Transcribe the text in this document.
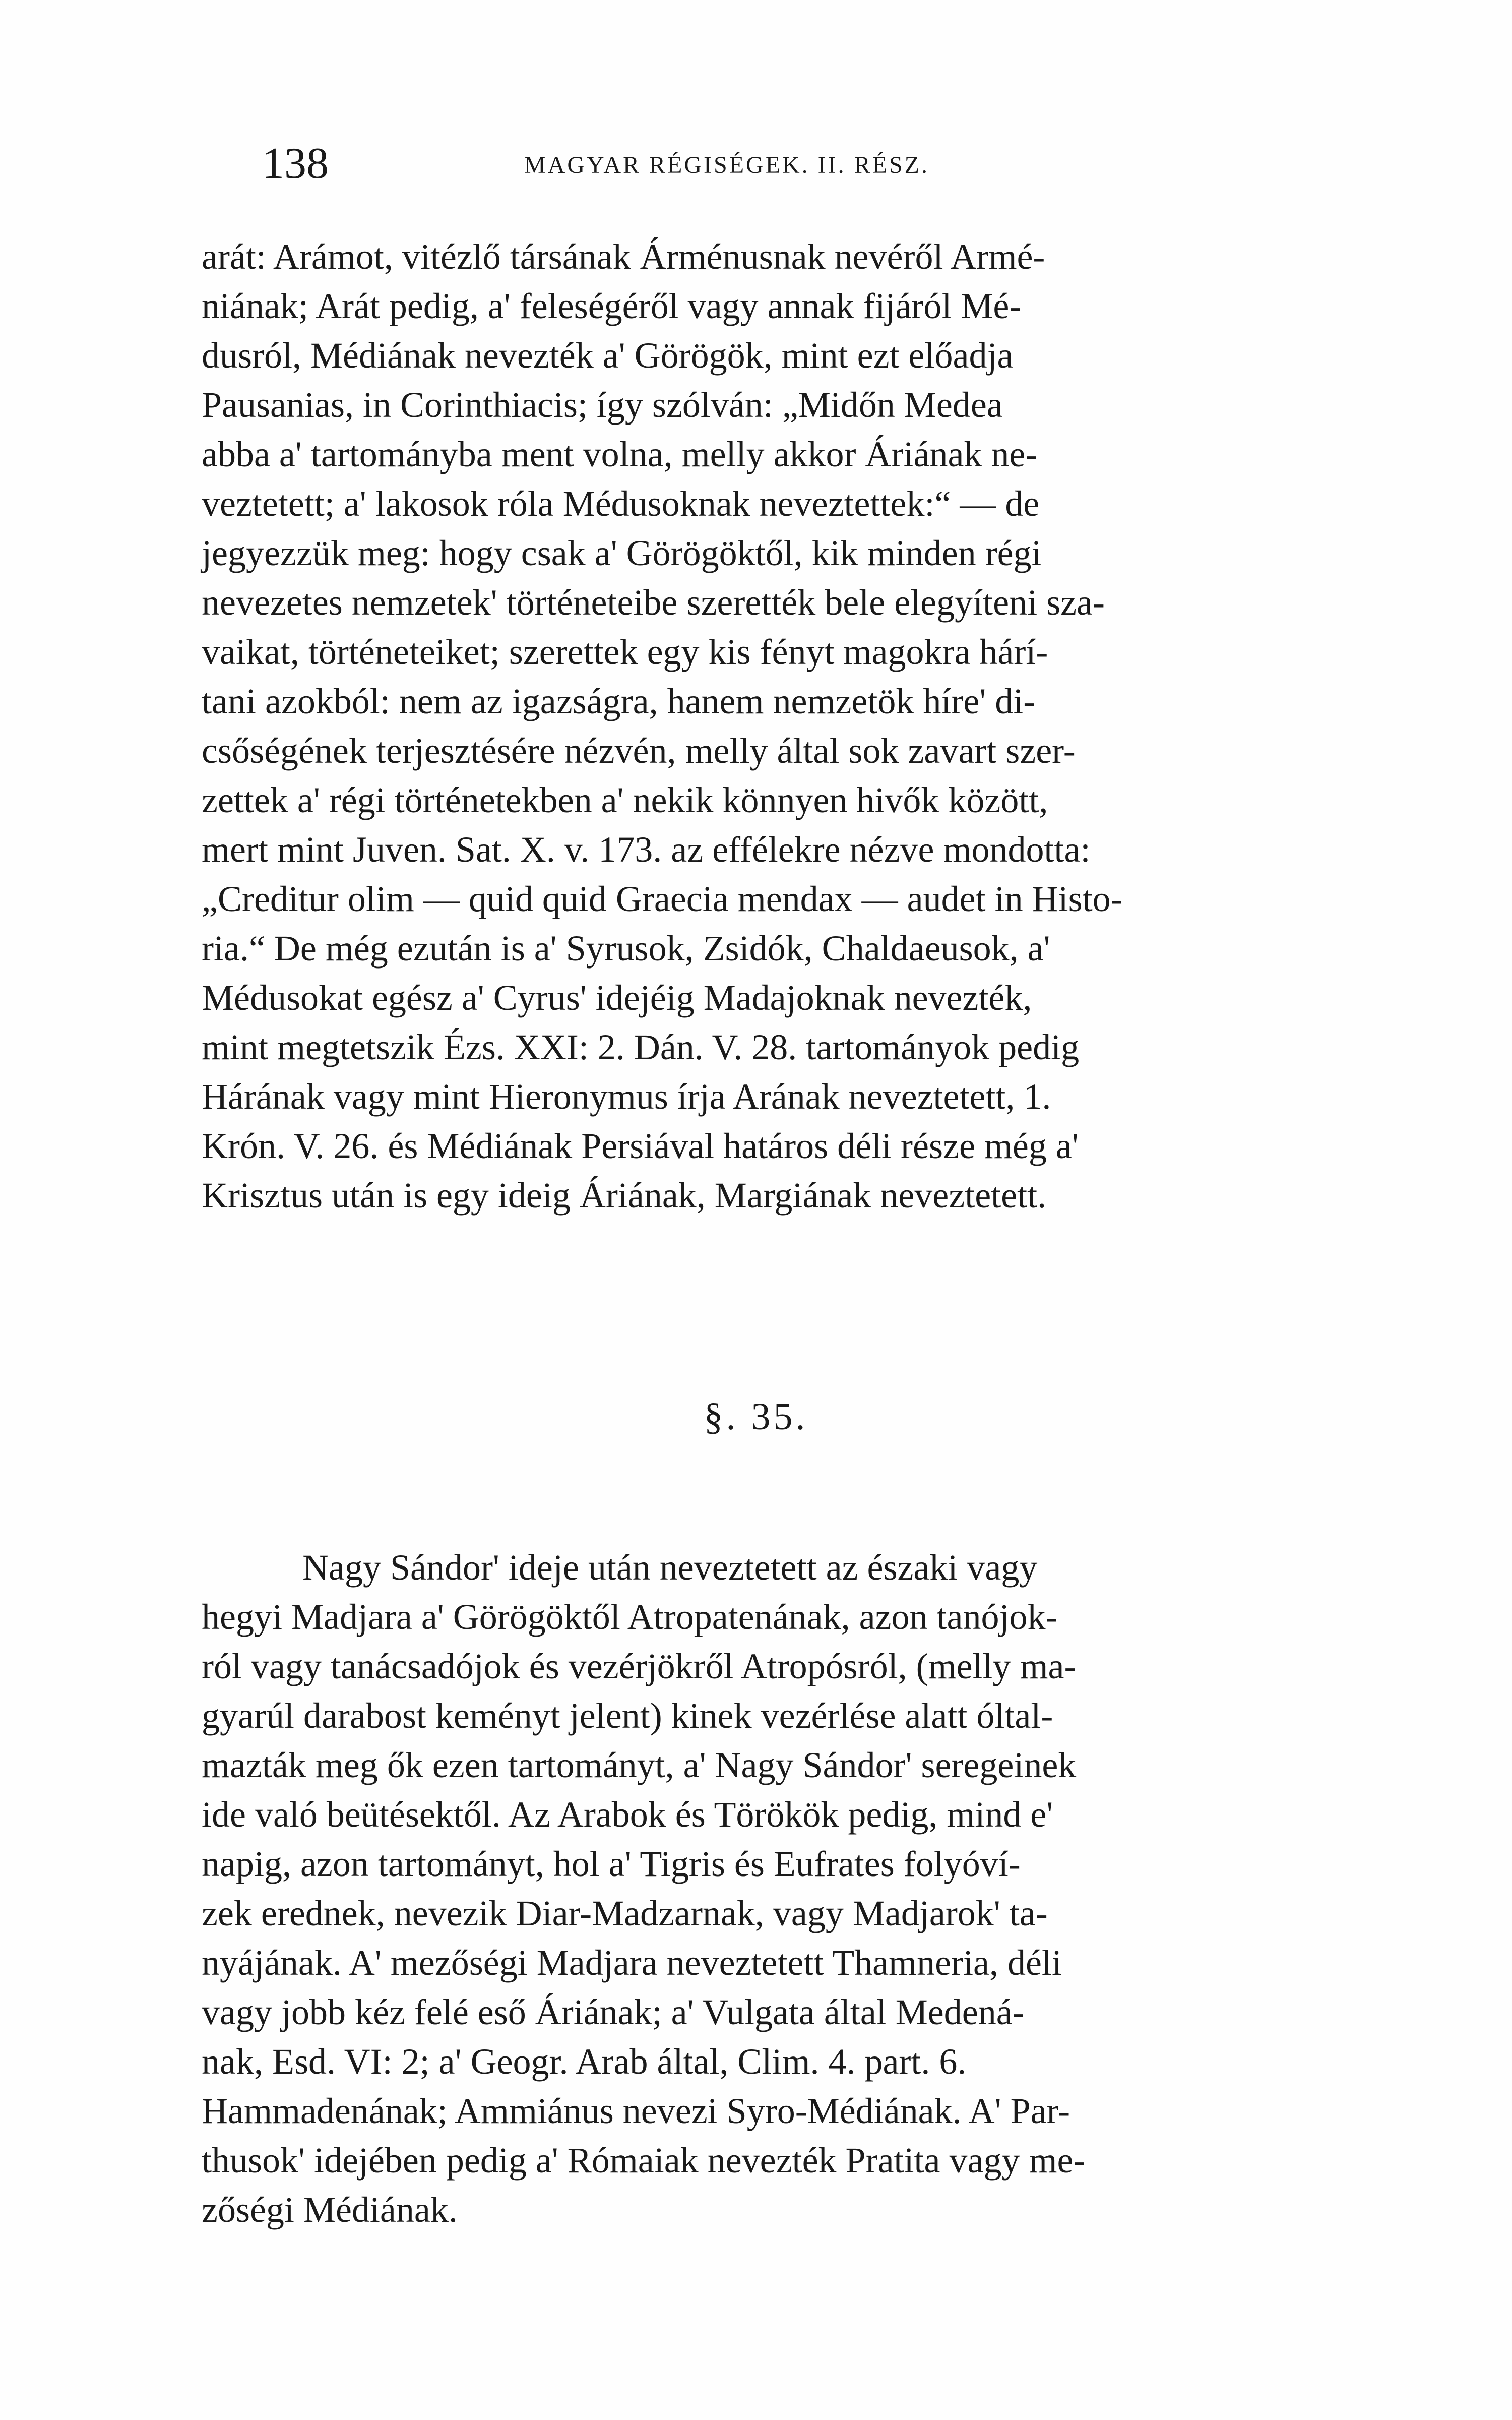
138	MAGYAR RÉGISÉGEK. II. RÉSZ.
arát: Arámot, vitézlő társának Árménusnak nevéről Armé-
niának; Arát pedig, a' feleségéről vagy annak fijáról Mé-
dusról, Médiának nevezték a' Görögök, mint ezt előadja
Pausanias, in Corinthiacis; így szólván: „Midőn Medea
abba a' tartományba ment volna, melly akkor Áriának ne-
veztetett; a' lakosok róla Médusoknak neveztettek:“ — de
jegyezzük meg: hogy csak a' Görögöktől, kik minden régi
nevezetes nemzetek' történeteibe szerették bele elegyíteni sza-
vaikat, történeteiket; szerettek egy kis fényt magokra hárí-
tani azokból: nem az igazságra, hanem nemzetök híre' di-
csőségének terjesztésére nézvén, melly által sok zavart szer-
zettek a' régi történetekben a' nekik könnyen hivők között,
mert mint Juven. Sat. X. v. 173. az effélekre nézve mondotta:
„Creditur olim — quid quid Graecia mendax — audet in Histo-
ria.“ De még ezután is a' Syrusok, Zsidók, Chaldaeusok, a'
Médusokat egész a' Cyrus' idejéig Madajoknak nevezték,
mint megtetszik Ézs. XXI: 2. Dán. V. 28. tartományok pedig
Hárának vagy mint Hieronymus írja Arának neveztetett, 1.
Krón. V. 26. és Médiának Persiával határos déli része még a'
Krisztus után is egy ideig Áriának, Margiának neveztetett.
§. 35.
Nagy Sándor' ideje után neveztetett az északi vagy
hegyi Madjara a' Görögöktől Atropatenának, azon tanójok-
ról vagy tanácsadójok és vezérjökről Atropósról, (melly ma-
gyarúl darabost keményt jelent) kinek vezérlése alatt óltal-
mazták meg ők ezen tartományt, a' Nagy Sándor' seregeinek
ide való beütésektől. Az Arabok és Törökök pedig, mind e'
napig, azon tartományt, hol a' Tigris és Eufrates folyóví-
zek erednek, nevezik Diar-Madzarnak, vagy Madjarok' ta-
nyájának. A' mezőségi Madjara neveztetett Thamneria, déli
vagy jobb kéz felé eső Áriának; a' Vulgata által Medená-
nak, Esd. VI: 2; a' Geogr. Arab által, Clim. 4. part. 6.
Hammadenának; Ammiánus nevezi Syro-Médiának. A' Par-
thusok' idejében pedig a' Rómaiak nevezték Pratita vagy me-
zőségi Médiának.
